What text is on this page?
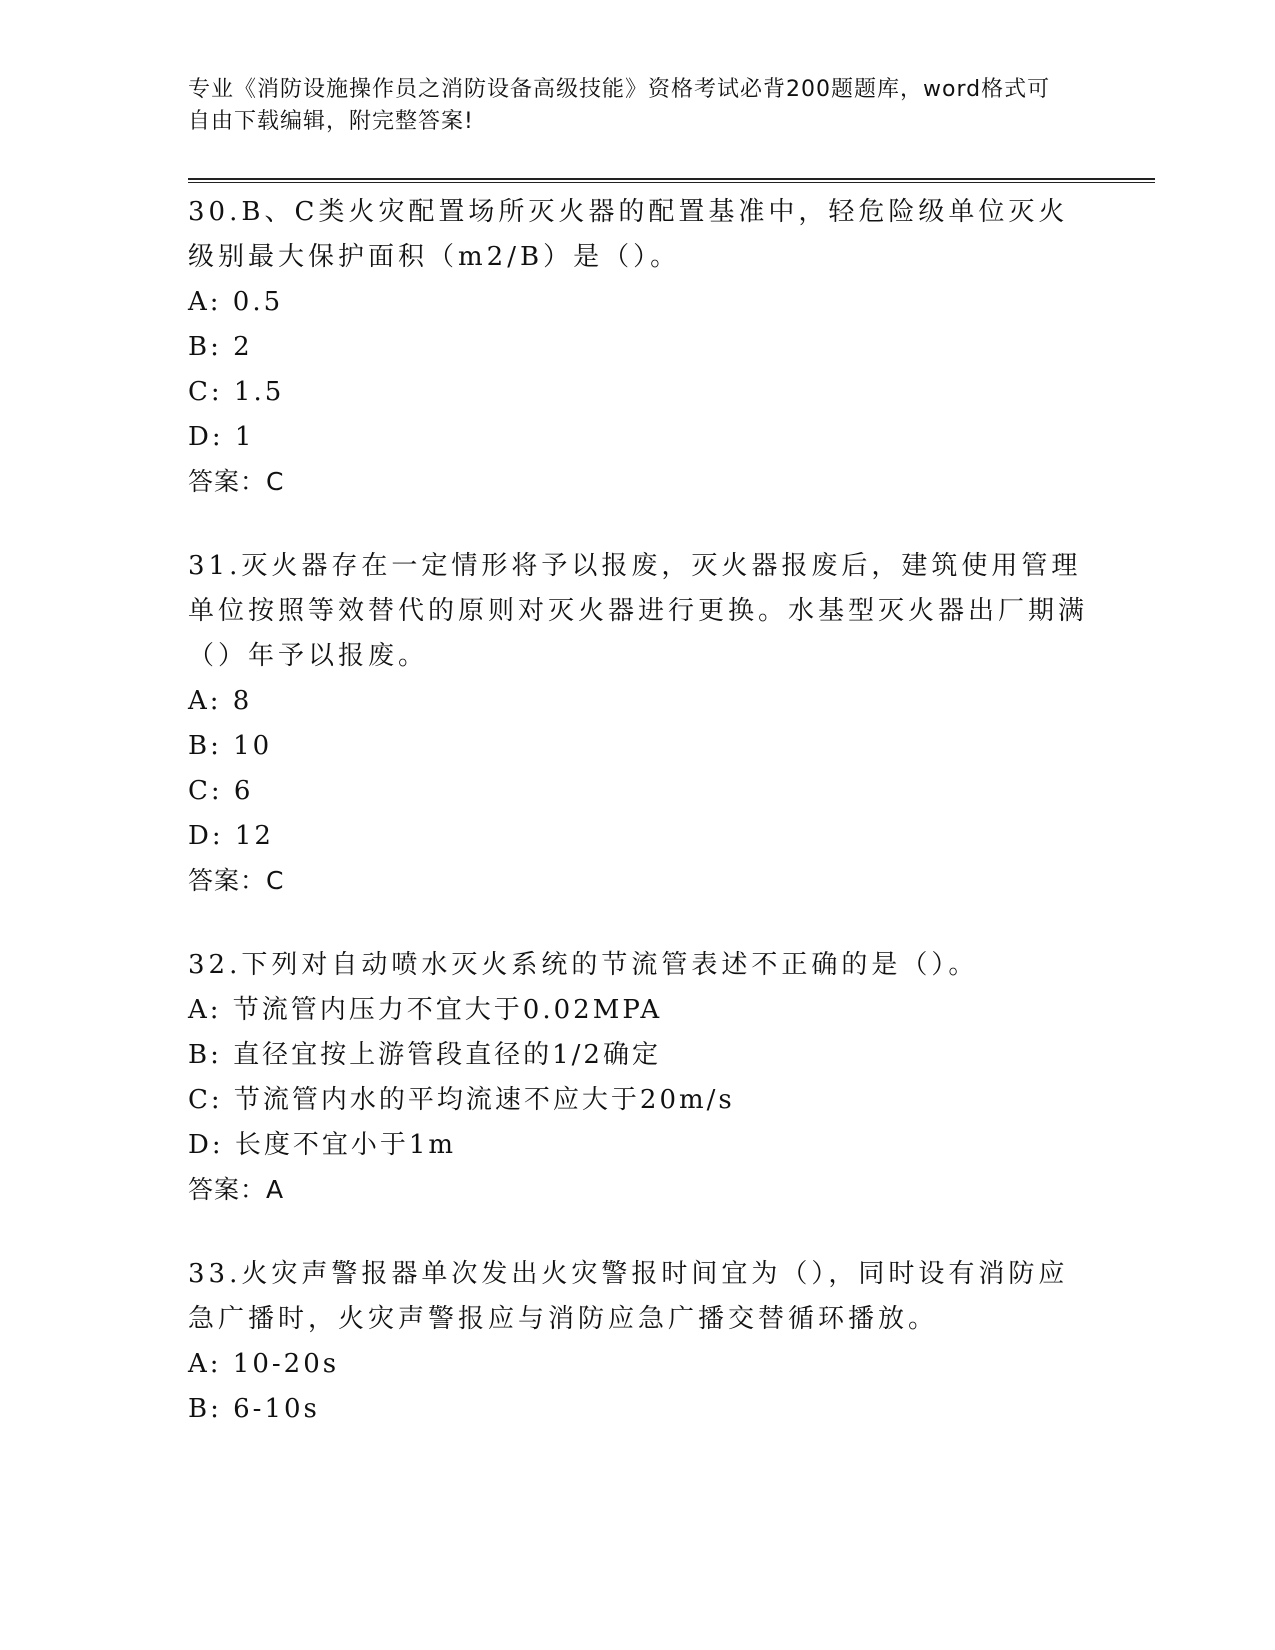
专业《消防设施操作员之消防设备高级技能》资格考试必背200题题库，word格式可自由下载编辑，附完整答案!

30.B、C类火灾配置场所灭火器的配置基准中，轻危险级单位灭火级别最大保护面积（m2/B）是（）。

A: 0.5

B: 2

C: 1.5

D: 1

答案：C

31.灭火器存在一定情形将予以报废，灭火器报废后，建筑使用管理单位按照等效替代的原则对灭火器进行更换。水基型灭火器出厂期满（）年予以报废。

A: 8

B: 10

C: 6

D: 12

答案：C

32.下列对自动喷水灭火系统的节流管表述不正确的是（）。

A: 节流管内压力不宜大于0.02MPA

B: 直径宜按上游管段直径的1/2确定

C: 节流管内水的平均流速不应大于20m/s

D: 长度不宜小于1m

答案：A

33.火灾声警报器单次发出火灾警报时间宜为（），同时设有消防应急广播时，火灾声警报应与消防应急广播交替循环播放。

A: 10-20s

B: 6-10s
